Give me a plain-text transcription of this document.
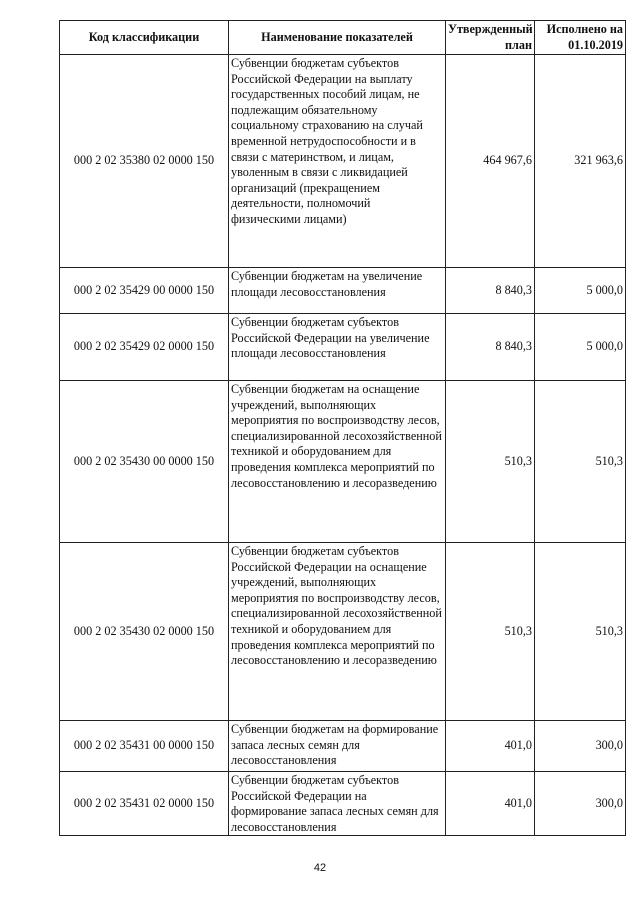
Код классификации	Наименование показателей	Утвержденный план	Исполнено на 01.10.2019
000 2 02 35380 02 0000 150	Субвенции бюджетам субъектов Российской Федерации на выплату государственных пособий лицам, не подлежащим обязательному социальному страхованию на случай временной нетрудоспособности и в связи с материнством, и лицам, уволенным в связи с ликвидацией организаций (прекращением деятельности, полномочий физическими лицами)	464 967,6	321 963,6
000 2 02 35429 00 0000 150	Субвенции бюджетам на увеличение площади лесовосстановления	8 840,3	5 000,0
000 2 02 35429 02 0000 150	Субвенции бюджетам субъектов Российской Федерации на увеличение площади лесовосстановления	8 840,3	5 000,0
000 2 02 35430 00 0000 150	Субвенции бюджетам на оснащение учреждений, выполняющих мероприятия по воспроизводству лесов, специализированной лесохозяйственной техникой и оборудованием для проведения комплекса мероприятий по лесовосстановлению и лесоразведению	510,3	510,3
000 2 02 35430 02 0000 150	Субвенции бюджетам субъектов Российской Федерации на оснащение учреждений, выполняющих мероприятия по воспроизводству лесов, специализированной лесохозяйственной техникой и оборудованием для проведения комплекса мероприятий по лесовосстановлению и лесоразведению	510,3	510,3
000 2 02 35431 00 0000 150	Субвенции бюджетам на формирование запаса лесных семян для лесовосстановления	401,0	300,0
000 2 02 35431 02 0000 150	Субвенции бюджетам субъектов Российской Федерации на формирование запаса лесных семян для лесовосстановления	401,0	300,0
42
